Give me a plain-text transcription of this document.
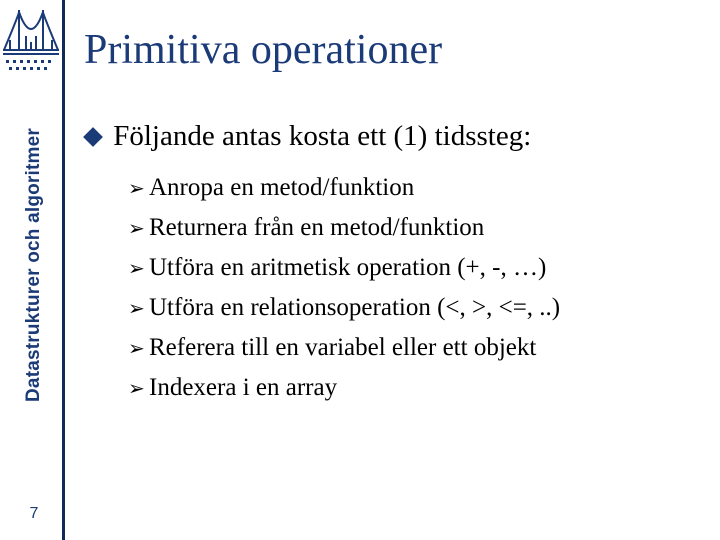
Datastrukturer och algoritmer
7
Primitiva operationer
Följande antas kosta ett (1) tidssteg:
➢ Anropa en metod/funktion
➢ Returnera från en metod/funktion
➢ Utföra en aritmetisk operation (+, -, …)
➢ Utföra en relationsoperation (<, >, <=, ..)
➢ Referera till en variabel eller ett objekt
➢ Indexera i en array
